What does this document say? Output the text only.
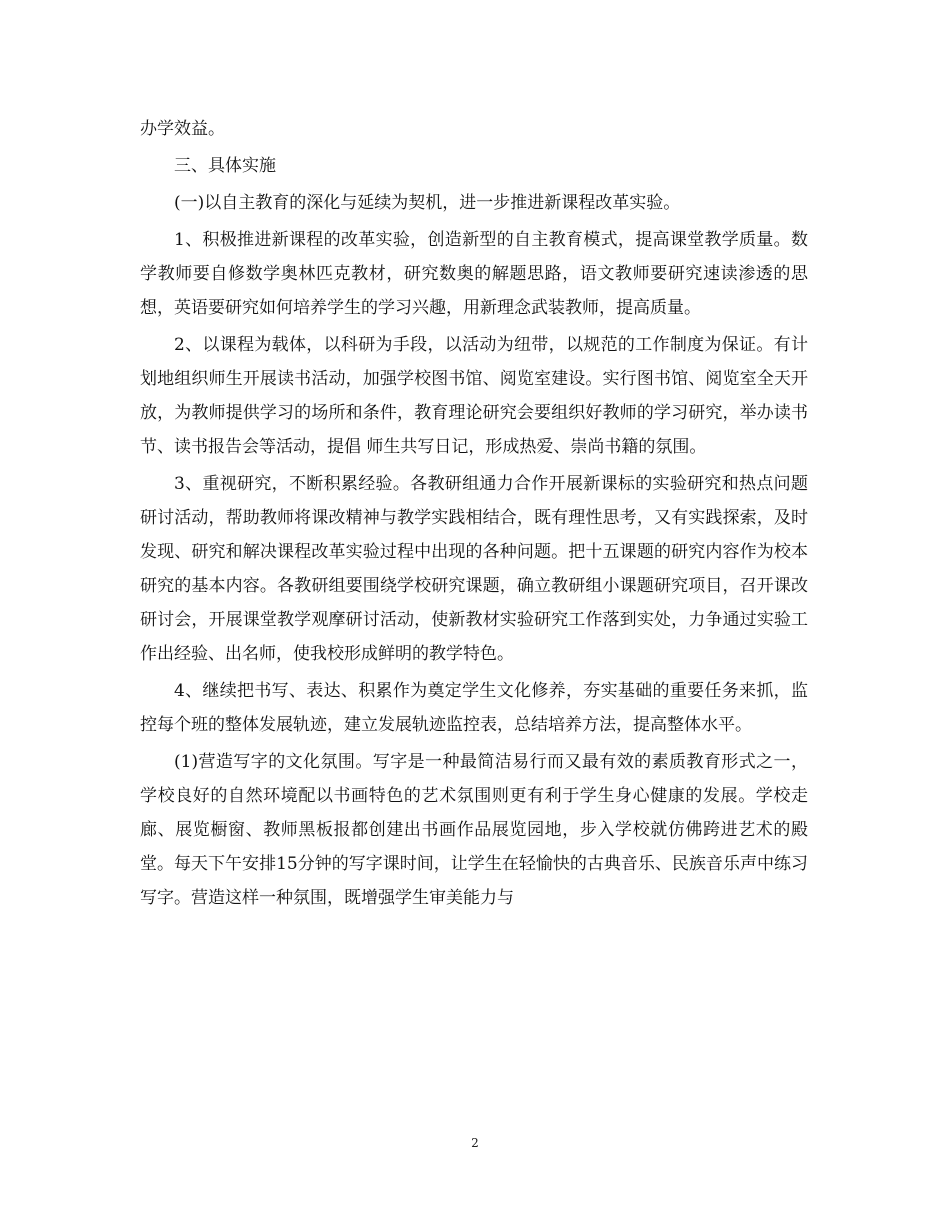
办学效益。

三、具体实施

(一)以自主教育的深化与延续为契机，进一步推进新课程改革实验。

1、积极推进新课程的改革实验，创造新型的自主教育模式，提高课堂教学质量。数学教师要自修数学奥林匹克教材，研究数奥的解题思路，语文教师要研究速读渗透的思想，英语要研究如何培养学生的学习兴趣，用新理念武装教师，提高质量。

2、以课程为载体，以科研为手段，以活动为纽带，以规范的工作制度为保证。有计划地组织师生开展读书活动，加强学校图书馆、阅览室建设。实行图书馆、阅览室全天开放，为教师提供学习的场所和条件，教育理论研究会要组织好教师的学习研究，举办读书节、读书报告会等活动，提倡 师生共写日记，形成热爱、崇尚书籍的氛围。

3、重视研究，不断积累经验。各教研组通力合作开展新课标的实验研究和热点问题研讨活动，帮助教师将课改精神与教学实践相结合，既有理性思考，又有实践探索，及时发现、研究和解决课程改革实验过程中出现的各种问题。把十五课题的研究内容作为校本研究的基本内容。各教研组要围绕学校研究课题，确立教研组小课题研究项目，召开课改研讨会，开展课堂教学观摩研讨活动，使新教材实验研究工作落到实处，力争通过实验工作出经验、出名师，使我校形成鲜明的教学特色。

4、继续把书写、表达、积累作为奠定学生文化修养，夯实基础的重要任务来抓，监控每个班的整体发展轨迹，建立发展轨迹监控表，总结培养方法，提高整体水平。

(1)营造写字的文化氛围。写字是一种最简洁易行而又最有效的素质教育形式之一，学校良好的自然环境配以书画特色的艺术氛围则更有利于学生身心健康的发展。学校走廊、展览橱窗、教师黑板报都创建出书画作品展览园地，步入学校就仿佛跨进艺术的殿堂。每天下午安排15分钟的写字课时间，让学生在轻愉快的古典音乐、民族音乐声中练习写字。营造这样一种氛围，既增强学生审美能力与

2
